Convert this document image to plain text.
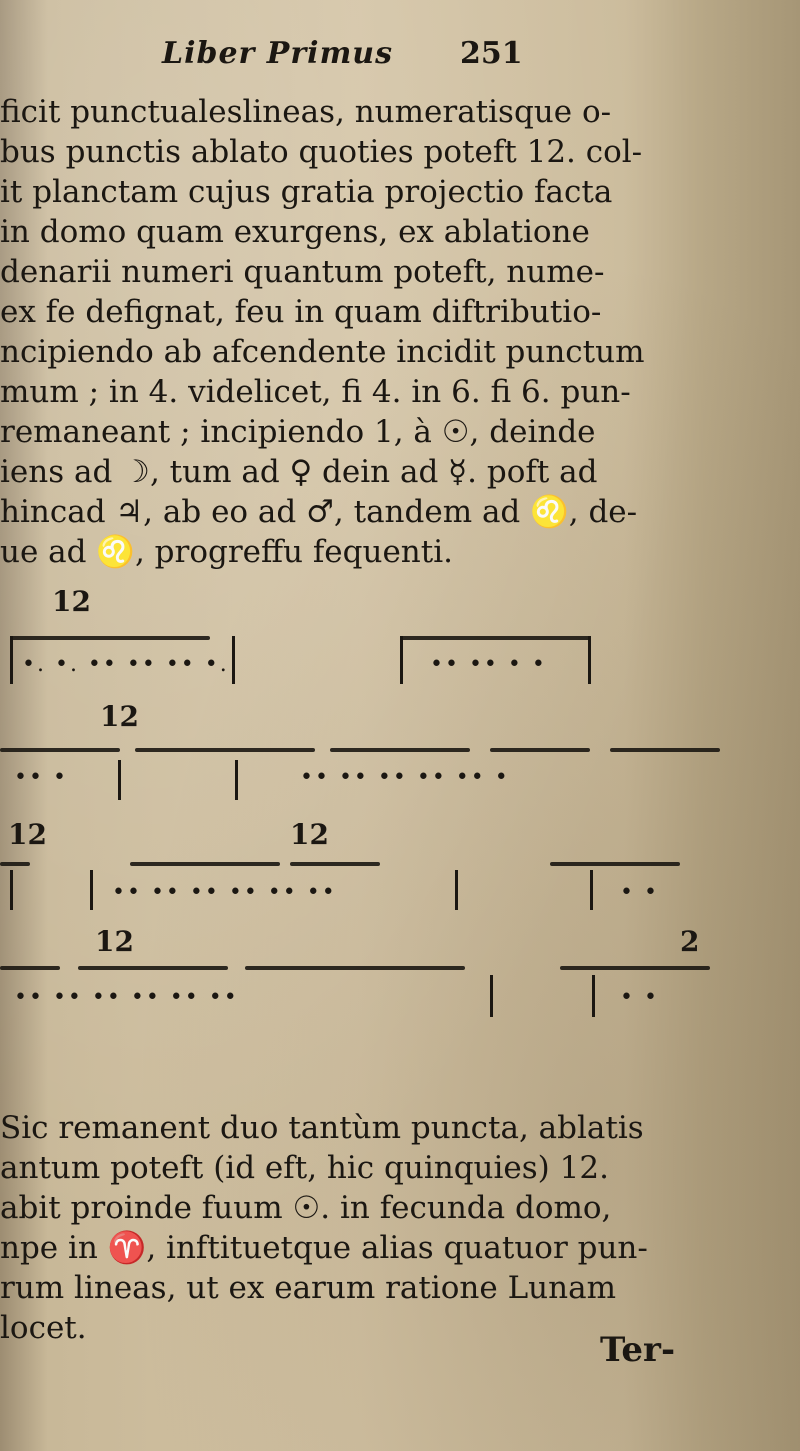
Liber Primus 251
ficit punctualeslineas, numeratisque o-
bus punctis ablato quoties poteft 12. col-
it planctam cujus gratia projectio facta
in domo quam exurgens, ex ablatione
denarii numeri quantum poteft, nume-
ex fe defignat, feu in quam diftributio-
ncipiendo ab afcendente incidit punctum
mum ; in 4. videlicet, fi 4. in 6. fi 6. pun-
remaneant ; incipiendo 1, à ☉, deinde
iens ad ☽, tum ad ♀ dein ad ☿. poft ad
hincad ♃, ab eo ad ♂, tandem ad ♌, de-
ue ad ♌, progreffu fequenti.
12
•. •. •• •• •• •.	•• •• • •
12
•• •	•• •• •• •• •• •
12	12
•• •• •• •• •• ••	• •
12	2
•• •• •• •• •• ••	• •
Sic remanent duo tantùm puncta, ablatis
antum poteft (id eft, hic quinquies) 12.
abit proinde fuum ☉. in fecunda domo,
npe in ♈, inftituetque alias quatuor pun-
rum lineas, ut ex earum ratione Lunam
locet.
Ter-
